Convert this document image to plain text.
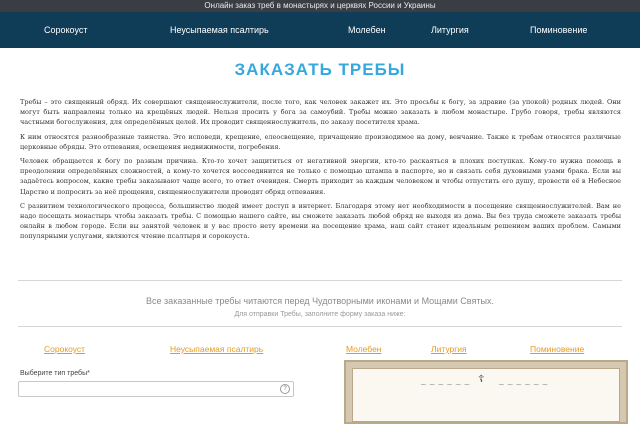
Онлайн заказ треб в монастырях и церквях России и Украины
Сорокоуст	Неусыпаемая псалтирь	Молебен	Литургия	Поминовение
ЗАКАЗАТЬ ТРЕБЫ

Требы – это священный обряд. Их совершают священнослужители, после того, как человек закажет их. Это просьбы к богу, за здравие (за упокой) родных людей. Они могут быть направлены только на крещёных людей. Нельзя просить у бога за самоубий. Требы можно заказать в любом монастыре. Грубо говоря, требы являются частными богослужения, для определённых целей. Их проводит священнослужитель, по заказу посетителя храма.

К ним относятся разнообразные таинства. Это исповеди, крещение, елеосвещение, причащение производимое на дому, венчание. Также к требам относятся различные церковные обряды. Это отпевания, освещения недвижимости, погребения.

Человек обращается к богу по разным причина. Кто-то хочет защититься от негативной энергии, кто-то раскаяться в плохих поступках. Кому-то нужна помощь в преодолении определённых сложностей, а кому-то хочется воссоединится не только с помощью штампа в паспорте, но и связать себя духовными узами брака. Если вы задаётесь вопросом, какие требы заказывают чаще всего, то ответ очевиден. Смерть приходит за каждым человеком и чтобы отпустить его душу, провести её в Небесное Царство и попросить за неё прощения, священнослужители проводят обряд отпевания.

С развитием технологического процесса, большинство людей имеет доступ в интернет. Благодаря этому нет необходимости в посещение священнослужителей. Вам не надо посещать монастырь чтобы заказать требы. С помощью нашего сайте, вы сможете заказать любой обряд не выходя из дома. Вы без труда сможете заказать требы онлайн в любом городе. Если вы занятой человек и у вас просто нету времени на посещение храма, наш сайт станет идеальным решением ваших проблем. Самыми популярными услугами, являются чтение псалтыря и сорокоуста.

Все заказанные требы читаются перед Чудотворными иконами и Мощами Святых.
Для отправки Требы, заполните форму заказа ниже:
Сорокоуст	Неусыпаемая псалтирь	Молебен	Литургия	Поминовение
Выберите тип требы*
?	~~~~~~ ☦ ~~~~~~
